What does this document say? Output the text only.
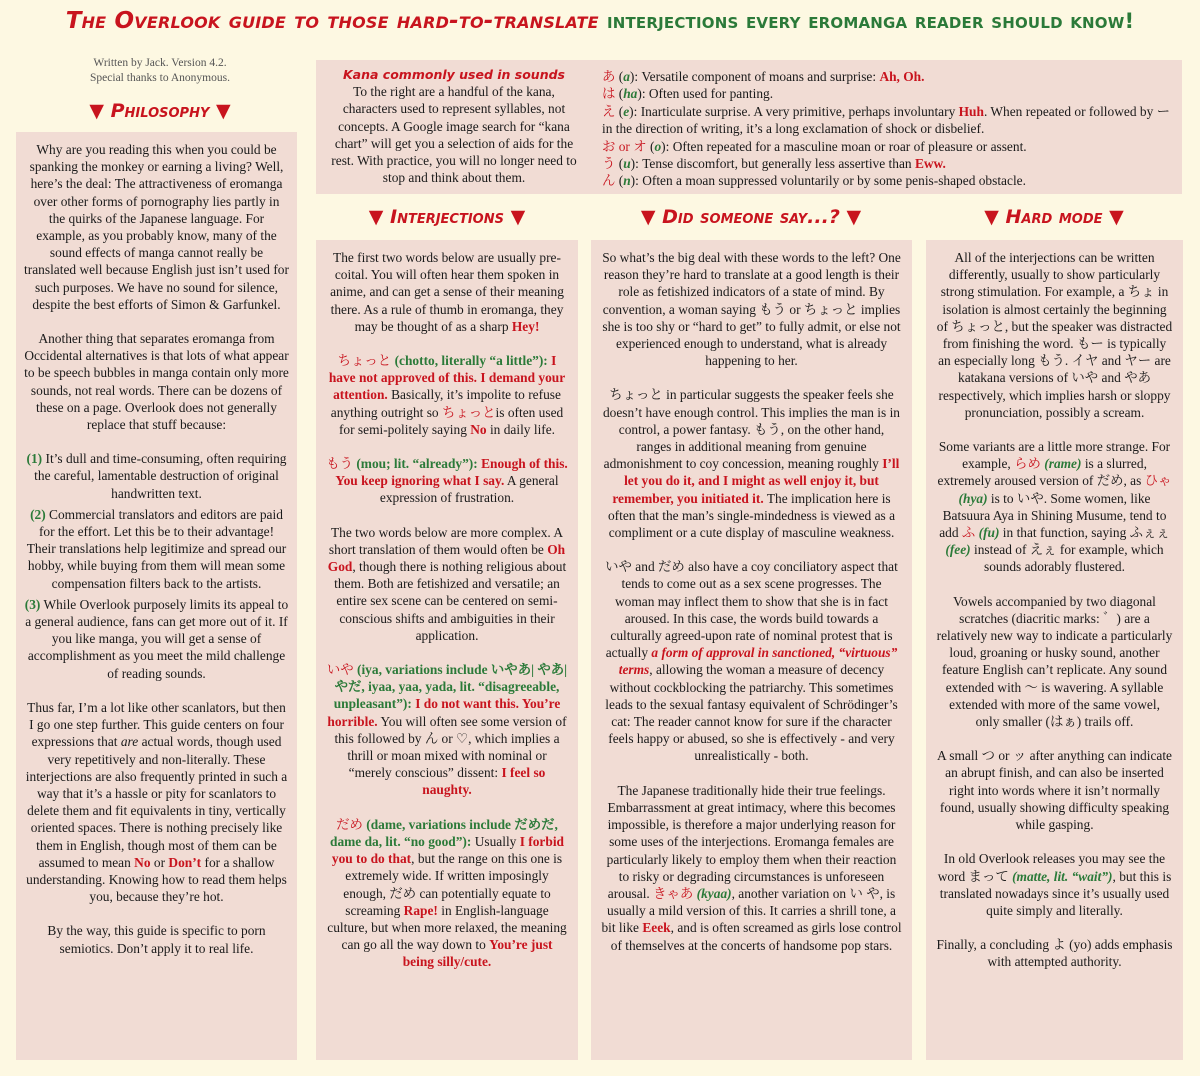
The Overlook guide to those hard-to-translate interjections every eromanga reader should know!
Written by Jack. Version 4.2.
Special thanks to Anonymous.
▼ Philosophy ▼
▼ Interjections ▼	▼ Did someone say...? ▼	▼ Hard mode ▼
Kana commonly used in sounds
To the right are a handful of the kana, characters used to represent syllables, not concepts. A Google image search for “kana chart” will get you a selection of aids for the rest. With practice, you will no longer need to stop and think about them.
あ (a): Versatile component of moans and surprise: Ah, Oh.
は (ha): Often used for panting.
え (e): Inarticulate surprise. A very primitive, perhaps involuntary Huh. When repeated or followed by ー in the direction of writing, it’s a long exclamation of shock or disbelief.
お or オ (o): Often repeated for a masculine moan or roar of pleasure or assent.
う (u): Tense discomfort, but generally less assertive than Eww.
ん (n): Often a moan suppressed voluntarily or by some penis-shaped obstacle.

Why are you reading this when you could be spanking the monkey or earning a living? Well, here’s the deal: The attractiveness of eromanga over other forms of pornography lies partly in the quirks of the Japanese language. For example, as you probably know, many of the sound effects of manga cannot really be translated well because English just isn’t used for such purposes. We have no sound for silence, despite the best efforts of Simon & Garfunkel.

Another thing that separates eromanga from Occidental alternatives is that lots of what appear to be speech bubbles in manga contain only more sounds, not real words. There can be dozens of these on a page. Overlook does not generally replace that stuff because:

(1) It’s dull and time-consuming, often requiring the careful, lamentable destruction of original handwritten text.

(2) Commercial translators and editors are paid for the effort. Let this be to their advantage! Their translations help legitimize and spread our hobby, while buying from them will mean some compensation filters back to the artists.

(3) While Overlook purposely limits its appeal to a general audience, fans can get more out of it. If you like manga, you will get a sense of accomplishment as you meet the mild challenge of reading sounds.

Thus far, I’m a lot like other scanlators, but then I go one step further. This guide centers on four expressions that are actual words, though used very repetitively and non-literally. These interjections are also frequently printed in such a way that it’s a hassle or pity for scanlators to delete them and fit equivalents in tiny, vertically oriented spaces. There is nothing precisely like them in English, though most of them can be assumed to mean No or Don’t for a shallow understanding. Knowing how to read them helps you, because they’re hot.

By the way, this guide is specific to porn semiotics. Don’t apply it to real life.

The first two words below are usually pre-coital. You will often hear them spoken in anime, and can get a sense of their meaning there. As a rule of thumb in eromanga, they may be thought of as a sharp Hey!

ちょっと (chotto, literally “a little”): I have not approved of this. I demand your attention. Basically, it’s impolite to refuse anything outright so ちょっとis often used for semi-politely saying No in daily life.

もう (mou; lit. “already”): Enough of this. You keep ignoring what I say. A general expression of frustration.

The two words below are more complex. A short translation of them would often be Oh God, though there is nothing religious about them. Both are fetishized and versatile; an entire sex scene can be centered on semi-conscious shifts and ambiguities in their application.

いや (iya, variations include いやあ| やあ|やだ, iyaa, yaa, yada, lit. “disagreeable, unpleasant”): I do not want this. You’re horrible. You will often see some version of this followed by ん or ♡, which implies a thrill or moan mixed with nominal or “merely conscious” dissent: I feel so naughty.

だめ (dame, variations include だめだ, dame da, lit. “no good”): Usually I forbid you to do that, but the range on this one is extremely wide. If written imposingly enough, だめ can potentially equate to screaming Rape! in English-language culture, but when more relaxed, the meaning can go all the way down to You’re just being silly/cute.

So what’s the big deal with these words to the left? One reason they’re hard to translate at a good length is their role as fetishized indicators of a state of mind. By convention, a woman saying もう or ちょっと implies she is too shy or “hard to get” to fully admit, or else not experienced enough to understand, what is already happening to her.

ちょっと in particular suggests the speaker feels she doesn’t have enough control. This implies the man is in control, a power fantasy. もう, on the other hand, ranges in additional meaning from genuine admonishment to coy concession, meaning roughly I’ll let you do it, and I might as well enjoy it, but remember, you initiated it. The implication here is often that the man’s single-mindedness is viewed as a compliment or a cute display of masculine weakness.

いや and だめ also have a coy conciliatory aspect that tends to come out as a sex scene progresses. The woman may inflect them to show that she is in fact aroused. In this case, the words build towards a culturally agreed-upon rate of nominal protest that is actually a form of approval in sanctioned, “virtuous” terms, allowing the woman a measure of decency without cockblocking the patriarchy. This sometimes leads to the sexual fantasy equivalent of Schrödinger’s cat: The reader cannot know for sure if the character feels happy or abused, so she is effectively - and very unrealistically - both.

The Japanese traditionally hide their true feelings. Embarrassment at great intimacy, where this becomes impossible, is therefore a major underlying reason for some uses of the interjections. Eromanga females are particularly likely to employ them when their reaction to risky or degrading circumstances is unforeseen arousal. きゃあ (kyaa), another variation on い や, is usually a mild version of this. It carries a shrill tone, a bit like Eeek, and is often screamed as girls lose control of themselves at the concerts of handsome pop stars.

All of the interjections can be written differently, usually to show particularly strong stimulation. For example, a ちょ in isolation is almost certainly the beginning of ちょっと, but the speaker was distracted from finishing the word. もー is typically an especially long もう. イヤ and ヤー are katakana versions of いや and やあ respectively, which implies harsh or sloppy pronunciation, possibly a scream.

Some variants are a little more strange. For example, らめ (rame) is a slurred, extremely aroused version of だめ, as ひゃ (hya) is to いや. Some women, like Batsuura Aya in Shining Musume, tend to add ふ (fu) in that function, saying ふぇぇ (fee) instead of えぇ for example, which sounds adorably flustered.

Vowels accompanied by two diagonal scratches (diacritic marks: ゛) are a relatively new way to indicate a particularly loud, groaning or husky sound, another feature English can’t replicate. Any sound extended with 〜 is wavering. A syllable extended with more of the same vowel, only smaller (はぁ) trails off.

A small つ or ッ after anything can indicate an abrupt finish, and can also be inserted right into words where it isn’t normally found, usually showing difficulty speaking while gasping.

In old Overlook releases you may see the word まって (matte, lit. “wait”), but this is translated nowadays since it’s usually used quite simply and literally.

Finally, a concluding よ (yo) adds emphasis with attempted authority.
